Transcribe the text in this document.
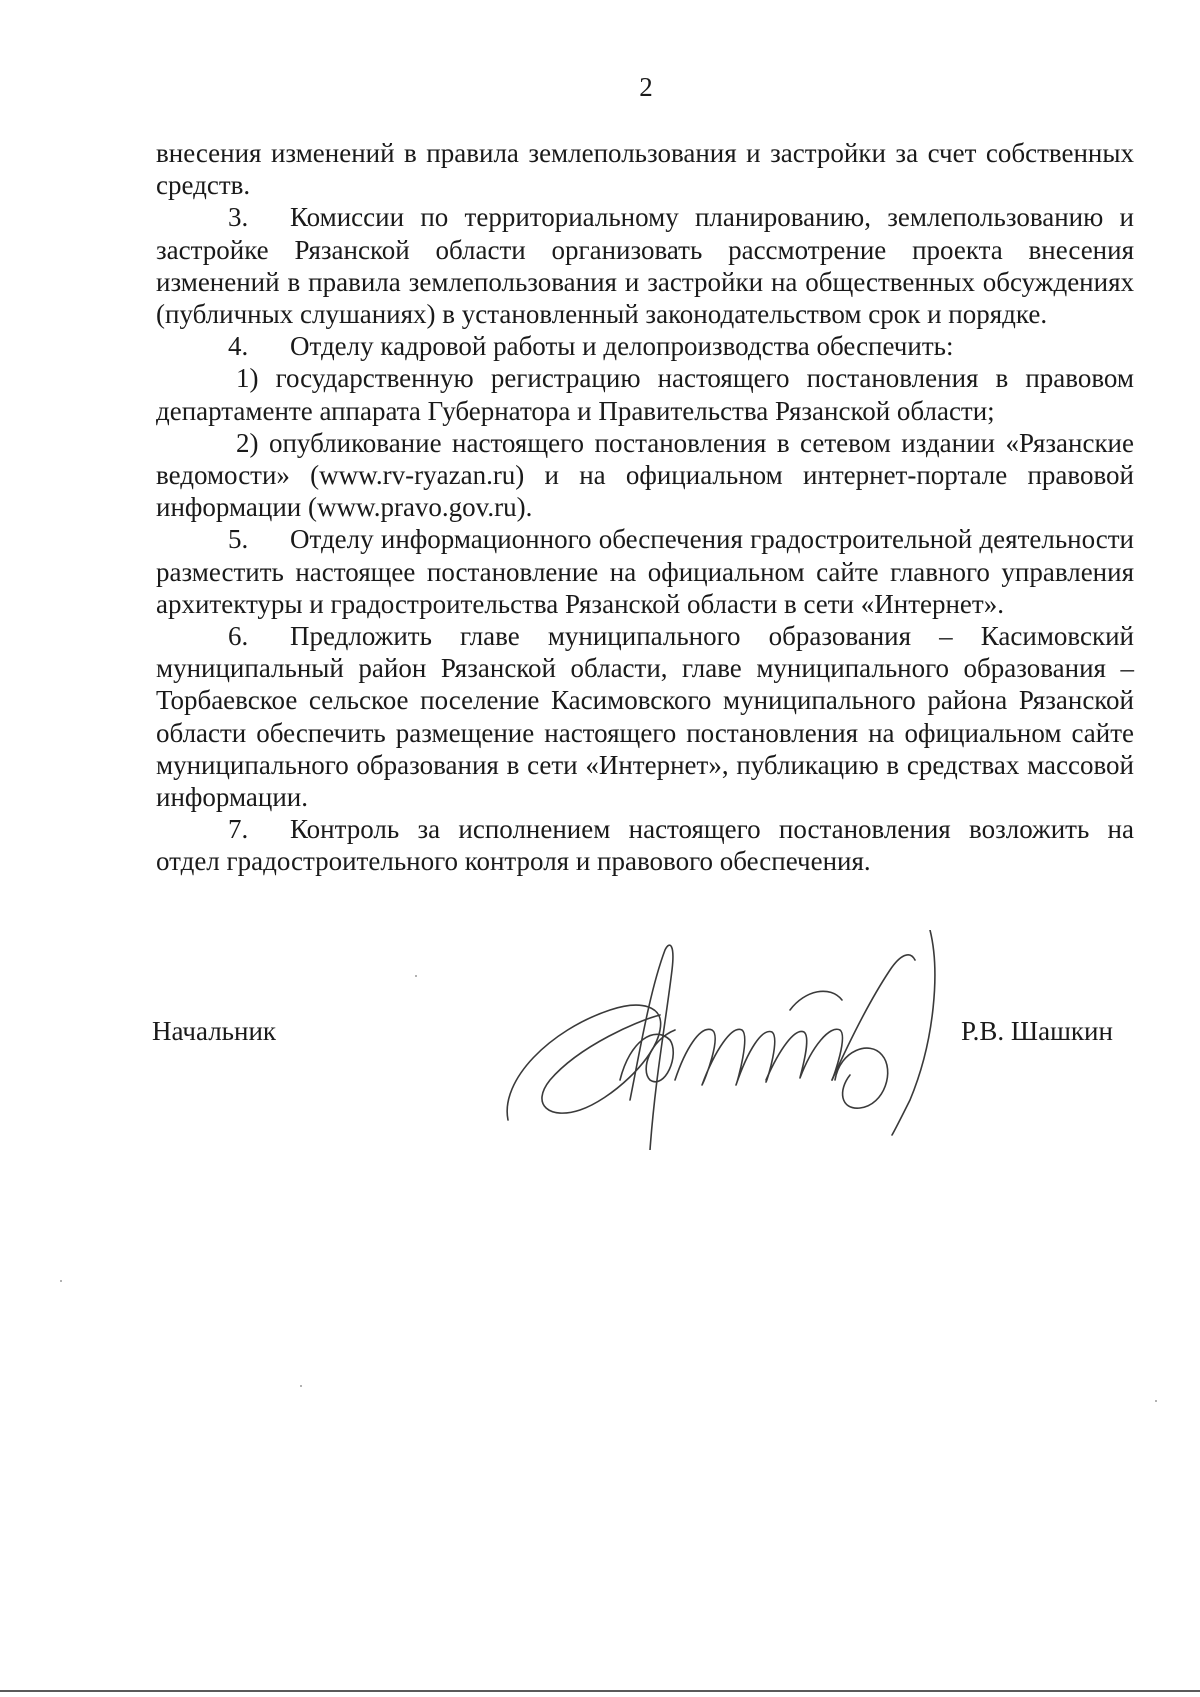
2

внесения изменений в правила землепользования и застройки за счет собственных средств.

3. Комиссии по территориальному планированию, землепользованию и застройке Рязанской области организовать рассмотрение проекта внесения изменений в правила землепользования и застройки на общественных обсуждениях (публичных слушаниях) в установленный законодательством срок и порядке.

4. Отделу кадровой работы и делопроизводства обеспечить:

1) государственную регистрацию настоящего постановления в правовом департаменте аппарата Губернатора и Правительства Рязанской области;

2) опубликование настоящего постановления в сетевом издании «Рязанские ведомости» (www.rv-ryazan.ru) и на официальном интернет-портале правовой информации (www.pravo.gov.ru).

5. Отделу информационного обеспечения градостроительной деятельности разместить настоящее постановление на официальном сайте главного управления архитектуры и градостроительства Рязанской области в сети «Интернет».

6. Предложить главе муниципального образования – Касимовский муниципальный район Рязанской области, главе муниципального образования – Торбаевское сельское поселение Касимовского муниципального района Рязанской области обеспечить размещение настоящего постановления на официальном сайте муниципального образования в сети «Интернет», публикацию в средствах массовой информации.

7. Контроль за исполнением настоящего постановления возложить на отдел градостроительного контроля и правового обеспечения.

Начальник	Р.В. Шашкин
